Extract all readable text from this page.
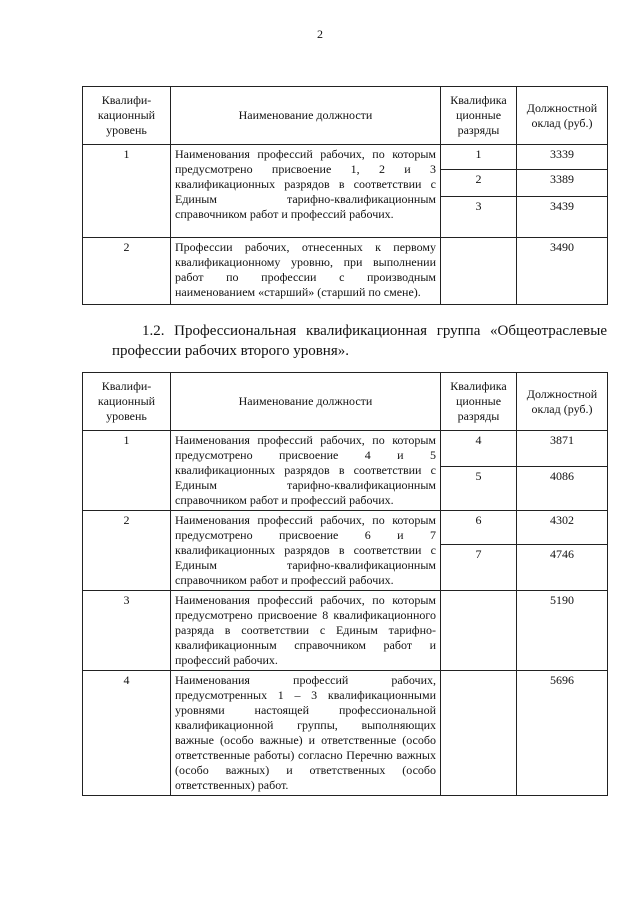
2
Квалифи-кационный уровень	Наименование должности	Квалифика ционные разряды	Должностной оклад (руб.)
1	Наименования профессий рабочих, по которым предусмотрено присвоение 1, 2 и 3 квалификационных разрядов в соответствии с Единым тарифно-квалификационным справочником работ и профессий рабочих.	1	3339
		2	3389
		3	3439
2	Профессии рабочих, отнесенных к первому квалификационному уровню, при выполнении работ по профессии с производным наименованием «старший» (старший по смене).		3490

1.2. Профессиональная квалификационная группа «Общеотраслевые профессии рабочих второго уровня».

Квалифи-кационный уровень	Наименование должности	Квалифика ционные разряды	Должностной оклад (руб.)
1	Наименования профессий рабочих, по которым предусмотрено присвоение 4 и 5 квалификационных разрядов в соответствии с Единым тарифно-квалификационным справочником работ и профессий рабочих.	4	3871
		5	4086
2	Наименования профессий рабочих, по которым предусмотрено присвоение 6 и 7 квалификационных разрядов в соответствии с Единым тарифно-квалификационным справочником работ и профессий рабочих.	6	4302
		7	4746
3	Наименования профессий рабочих, по которым предусмотрено присвоение 8 квалификационного разряда в соответствии с Единым тарифно-квалификационным справочником работ и профессий рабочих.		5190
4	Наименования профессий рабочих, предусмотренных 1 – 3 квалификационными уровнями настоящей профессиональной квалификационной группы, выполняющих важные (особо важные) и ответственные (особо ответственные работы) согласно Перечню важных (особо важных) и ответственных (особо ответственных) работ.		5696
